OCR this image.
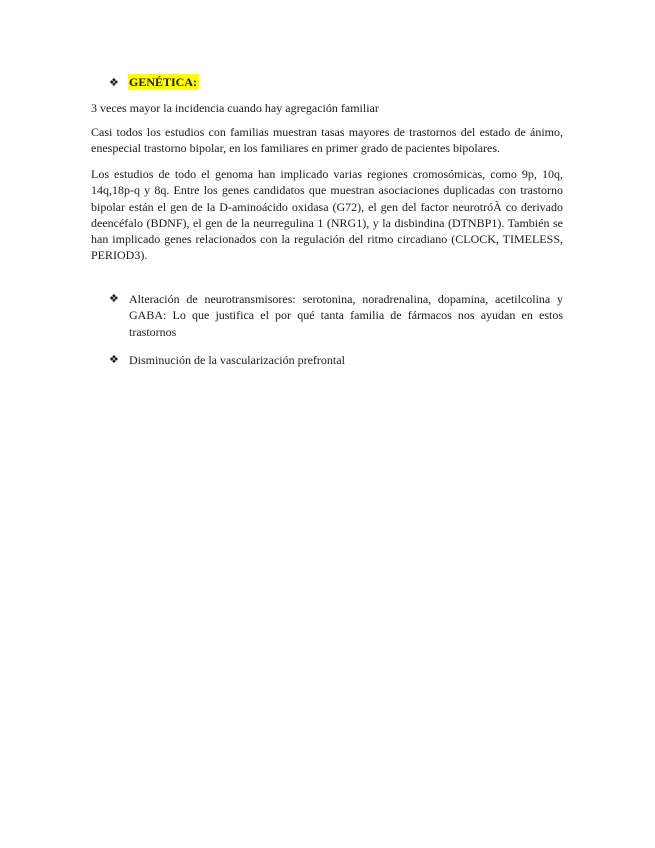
❖ GENÉTICA:

3 veces mayor la incidencia cuando hay agregación familiar

Casi todos los estudios con familias muestran tasas mayores de trastornos del estado de ánimo, enespecial trastorno bipolar, en los familiares en primer grado de pacientes bipolares.

Los estudios de todo el genoma han implicado varias regiones cromosómicas, como 9p, 10q, 14q,18p-q y 8q. Entre los genes candidatos que muestran asociaciones duplicadas con trastorno bipolar están el gen de la D-aminoácido oxidasa (G72), el gen del factor neurotróÀ co derivado deencéfalo (BDNF), el gen de la neurregulina 1 (NRG1), y la disbindina (DTNBP1). También se han implicado genes relacionados con la regulación del ritmo circadiano (CLOCK, TIMELESS, PERIOD3).

❖ Alteración de neurotransmisores: serotonina, noradrenalina, dopamina, acetilcolina y GABA: Lo que justifica el por qué tanta familia de fármacos nos ayudan en estos trastornos
❖ Disminución de la vascularización prefrontal
